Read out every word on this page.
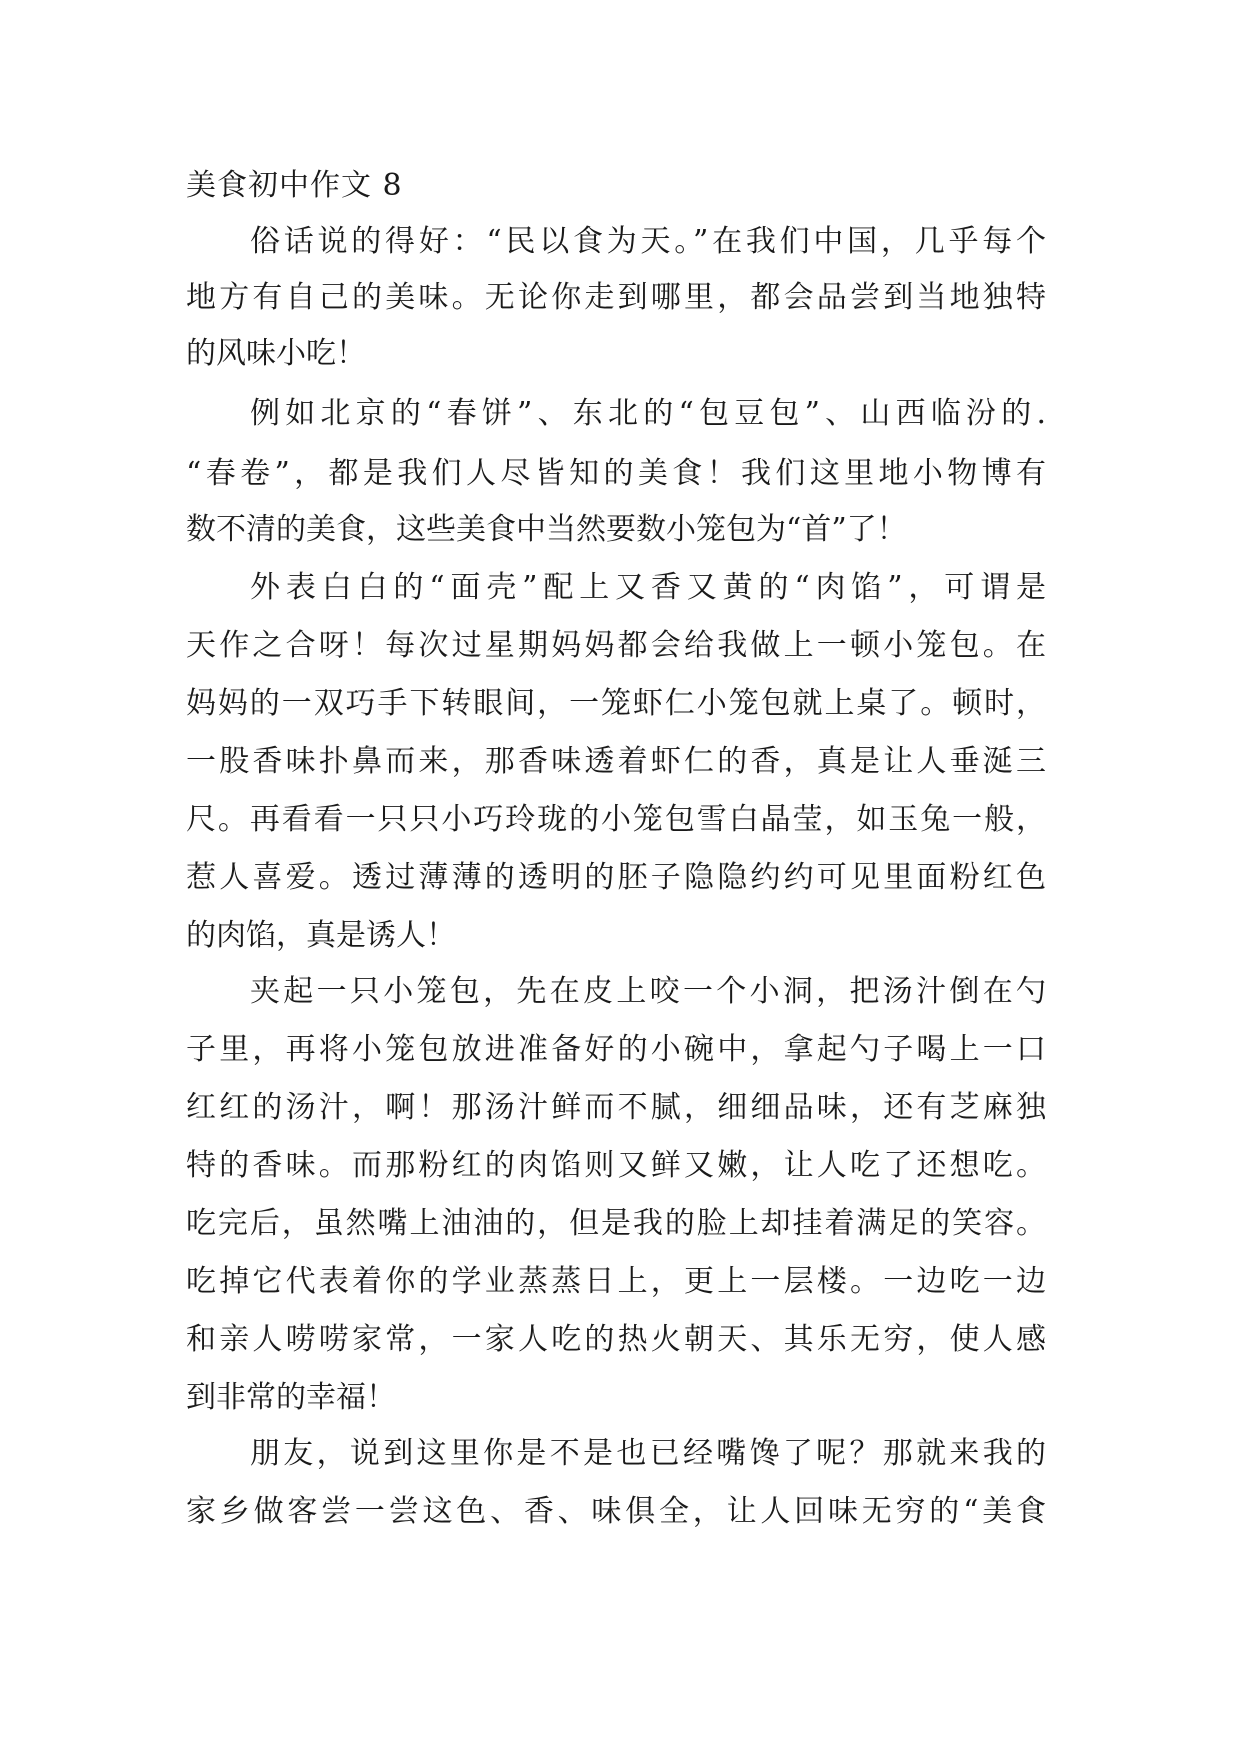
美食初中作文 8

俗话说的得好：“民以食为天。”在我们中国，几乎每个

地方有自己的美味。无论你走到哪里，都会品尝到当地独特

的风味小吃！

例如北京的“春饼”、东北的“包豆包”、山西临汾的.

“春卷”，都是我们人尽皆知的美食！我们这里地小物博有

数不清的美食，这些美食中当然要数小笼包为“首”了！

外表白白的“面壳”配上又香又黄的“肉馅”，可谓是

天作之合呀！每次过星期妈妈都会给我做上一顿小笼包。在

妈妈的一双巧手下转眼间，一笼虾仁小笼包就上桌了。顿时，

一股香味扑鼻而来，那香味透着虾仁的香，真是让人垂涎三

尺。再看看一只只小巧玲珑的小笼包雪白晶莹，如玉兔一般，

惹人喜爱。透过薄薄的透明的胚子隐隐约约可见里面粉红色

的肉馅，真是诱人！

夹起一只小笼包，先在皮上咬一个小洞，把汤汁倒在勺

子里，再将小笼包放进准备好的小碗中，拿起勺子喝上一口

红红的汤汁，啊！那汤汁鲜而不腻，细细品味，还有芝麻独

特的香味。而那粉红的肉馅则又鲜又嫩，让人吃了还想吃。

吃完后，虽然嘴上油油的，但是我的脸上却挂着满足的笑容。

吃掉它代表着你的学业蒸蒸日上，更上一层楼。一边吃一边

和亲人唠唠家常，一家人吃的热火朝天、其乐无穷，使人感

到非常的幸福！

朋友，说到这里你是不是也已经嘴馋了呢？那就来我的

家乡做客尝一尝这色、香、味俱全，让人回味无穷的“美食
